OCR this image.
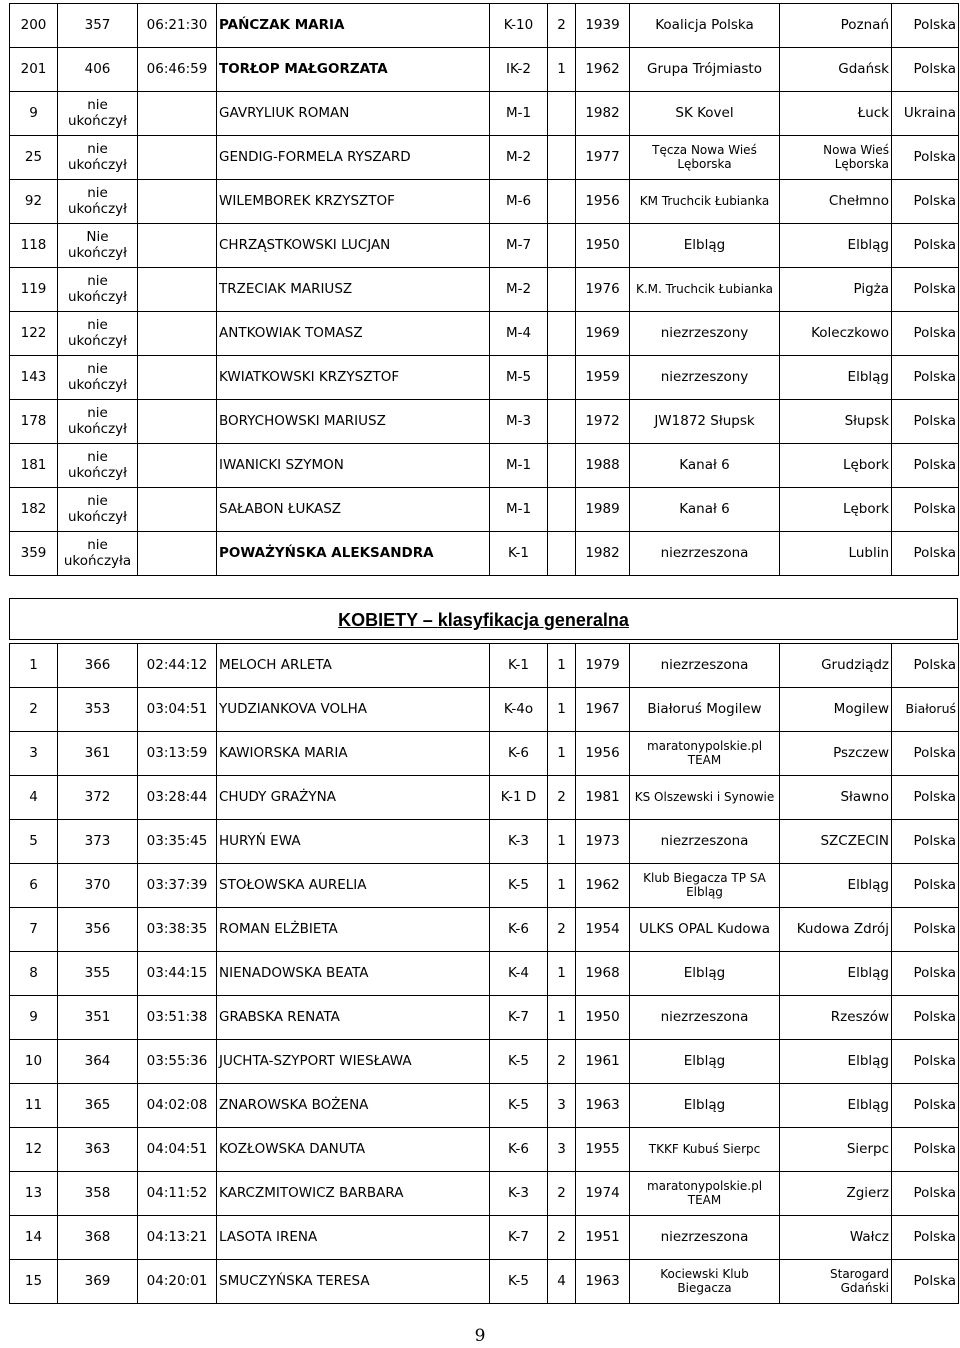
200	357	06:21:30	PAŃCZAK MARIA	K-10	2	1939	Koalicja Polska	Poznań	Polska
201	406	06:46:59	TORŁOP MAŁGORZATA	IK-2	1	1962	Grupa Trójmiasto	Gdańsk	Polska
9	nie ukończył		GAVRYLIUK ROMAN	M-1		1982	SK Kovel	Łuck	Ukraina
25	nie ukończył		GENDIG-FORMELA RYSZARD	M-2		1977	Tęcza Nowa Wieś Lęborska	Nowa Wieś Lęborska	Polska
92	nie ukończył		WILEMBOREK KRZYSZTOF	M-6		1956	KM Truchcik Łubianka	Chełmno	Polska
118	Nie ukończył		CHRZĄSTKOWSKI LUCJAN	M-7		1950	Elbląg	Elbląg	Polska
119	nie ukończył		TRZECIAK MARIUSZ	M-2		1976	K.M. Truchcik Łubianka	Pigża	Polska
122	nie ukończył		ANTKOWIAK TOMASZ	M-4		1969	niezrzeszony	Koleczkowo	Polska
143	nie ukończył		KWIATKOWSKI KRZYSZTOF	M-5		1959	niezrzeszony	Elbląg	Polska
178	nie ukończył		BORYCHOWSKI MARIUSZ	M-3		1972	JW1872 Słupsk	Słupsk	Polska
181	nie ukończył		IWANICKI SZYMON	M-1		1988	Kanał 6	Lębork	Polska
182	nie ukończył		SAŁABON ŁUKASZ	M-1		1989	Kanał 6	Lębork	Polska
359	nie ukończyła		POWAŻYŃSKA ALEKSANDRA	K-1		1982	niezrzeszona	Lublin	Polska
KOBIETY – klasyfikacja generalna
1	366	02:44:12	MELOCH ARLETA	K-1	1	1979	niezrzeszona	Grudziądz	Polska
2	353	03:04:51	YUDZIANKOVA VOLHA	K-4o	1	1967	Białoruś Mogilew	Mogilew	Białoruś
3	361	03:13:59	KAWIORSKA MARIA	K-6	1	1956	maratonypolskie.pl TEAM	Pszczew	Polska
4	372	03:28:44	CHUDY GRAŻYNA	K-1 D	2	1981	KS Olszewski i Synowie	Sławno	Polska
5	373	03:35:45	HURYŃ EWA	K-3	1	1973	niezrzeszona	SZCZECIN	Polska
6	370	03:37:39	STOŁOWSKA AURELIA	K-5	1	1962	Klub Biegacza TP SA Elbląg	Elbląg	Polska
7	356	03:38:35	ROMAN ELŻBIETA	K-6	2	1954	ULKS OPAL Kudowa	Kudowa Zdrój	Polska
8	355	03:44:15	NIENADOWSKA BEATA	K-4	1	1968	Elbląg	Elbląg	Polska
9	351	03:51:38	GRABSKA RENATA	K-7	1	1950	niezrzeszona	Rzeszów	Polska
10	364	03:55:36	JUCHTA-SZYPORT WIESŁAWA	K-5	2	1961	Elbląg	Elbląg	Polska
11	365	04:02:08	ZNAROWSKA BOŻENA	K-5	3	1963	Elbląg	Elbląg	Polska
12	363	04:04:51	KOZŁOWSKA DANUTA	K-6	3	1955	TKKF Kubuś Sierpc	Sierpc	Polska
13	358	04:11:52	KARCZMITOWICZ BARBARA	K-3	2	1974	maratonypolskie.pl TEAM	Zgierz	Polska
14	368	04:13:21	LASOTA IRENA	K-7	2	1951	niezrzeszona	Wałcz	Polska
15	369	04:20:01	SMUCZYŃSKA TERESA	K-5	4	1963	Kociewski Klub Biegacza	Starogard Gdański	Polska
9
